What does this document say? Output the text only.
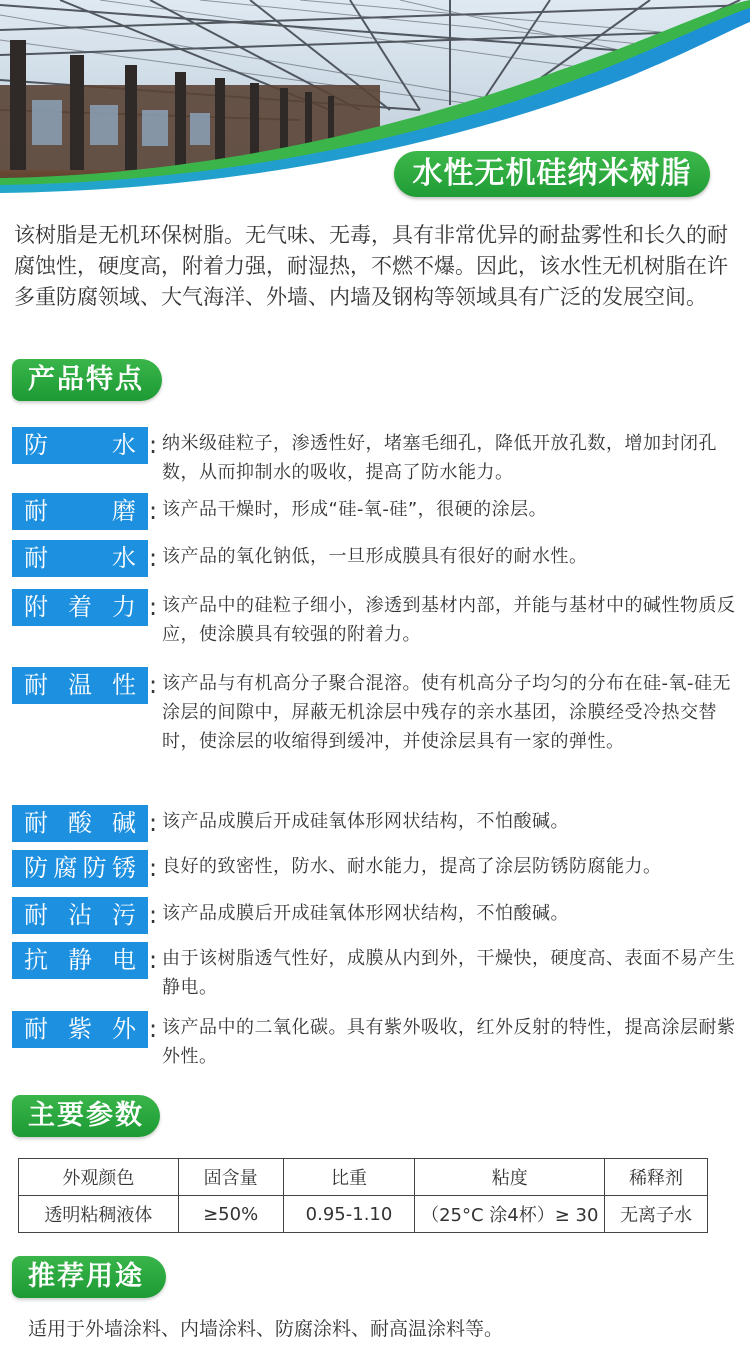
水性无机硅纳米树脂

该树脂是无机环保树脂。无气味、无毒，具有非常优异的耐盐雾性和长久的耐腐蚀性，硬度高，附着力强，耐湿热，不燃不爆。因此，该水性无机树脂在许多重防腐领域、大气海洋、外墙、内墙及钢构等领域具有广泛的发展空间。

产品特点
防	水 : 纳米级硅粒子，渗透性好，堵塞毛细孔，降低开放孔数，增加封闭孔数，从而抑制水的吸收，提高了防水能力。

耐	磨 : 该产品干燥时，形成“硅-氧-硅”，很硬的涂层。

耐	水 : 该产品的氧化钠低，一旦形成膜具有很好的耐水性。

附 着 力 : 该产品中的硅粒子细小，渗透到基材内部，并能与基材中的碱性物质反应，使涂膜具有较强的附着力。

耐 温 性 : 该产品与有机高分子聚合混溶。使有机高分子均匀的分布在硅-氧-硅无涂层的间隙中，屏蔽无机涂层中残存的亲水基团，涂膜经受冷热交替时，使涂层的收缩得到缓冲，并使涂层具有一家的弹性。

耐 酸 碱 : 该产品成膜后开成硅氧体形网状结构，不怕酸碱。

防 腐 防 锈 : 良好的致密性，防水、耐水能力，提高了涂层防锈防腐能力。

耐 沾 污 : 该产品成膜后开成硅氧体形网状结构，不怕酸碱。

抗 静 电 : 由于该树脂透气性好，成膜从内到外，干燥快，硬度高、表面不易产生静电。

耐 紫 外 : 该产品中的二氧化碳。具有紫外吸收，红外反射的特性，提高涂层耐紫外性。

主要参数
外观颜色	固含量	比重	粘度	稀释剂
透明粘稠液体	≥50%	0.95-1.10	（25°C 涂4杯）≥ 30	无离子水
推荐用途

适用于外墙涂料、内墙涂料、防腐涂料、耐高温涂料等。
